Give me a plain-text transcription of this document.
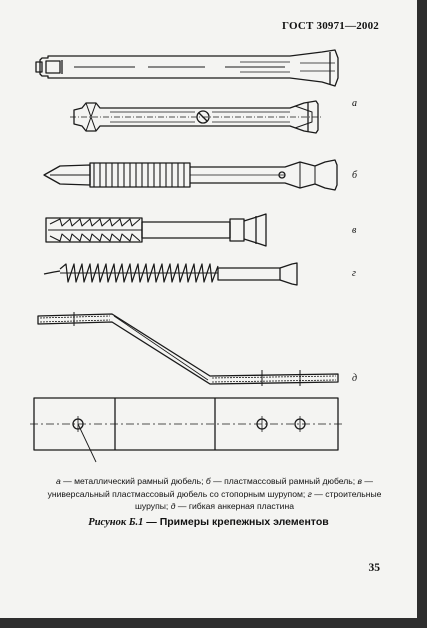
ГОСТ 30971—2002
а
б
в
г
д
а — металлический рамный дюбель; б — пластмассовый рамный дюбель; в — универсальный пластмассовый дюбель со стопорным шурупом; г — строительные шурупы; д — гибкая анкерная пластина
Рисунок Б.1 — Примеры крепежных элементов
35
